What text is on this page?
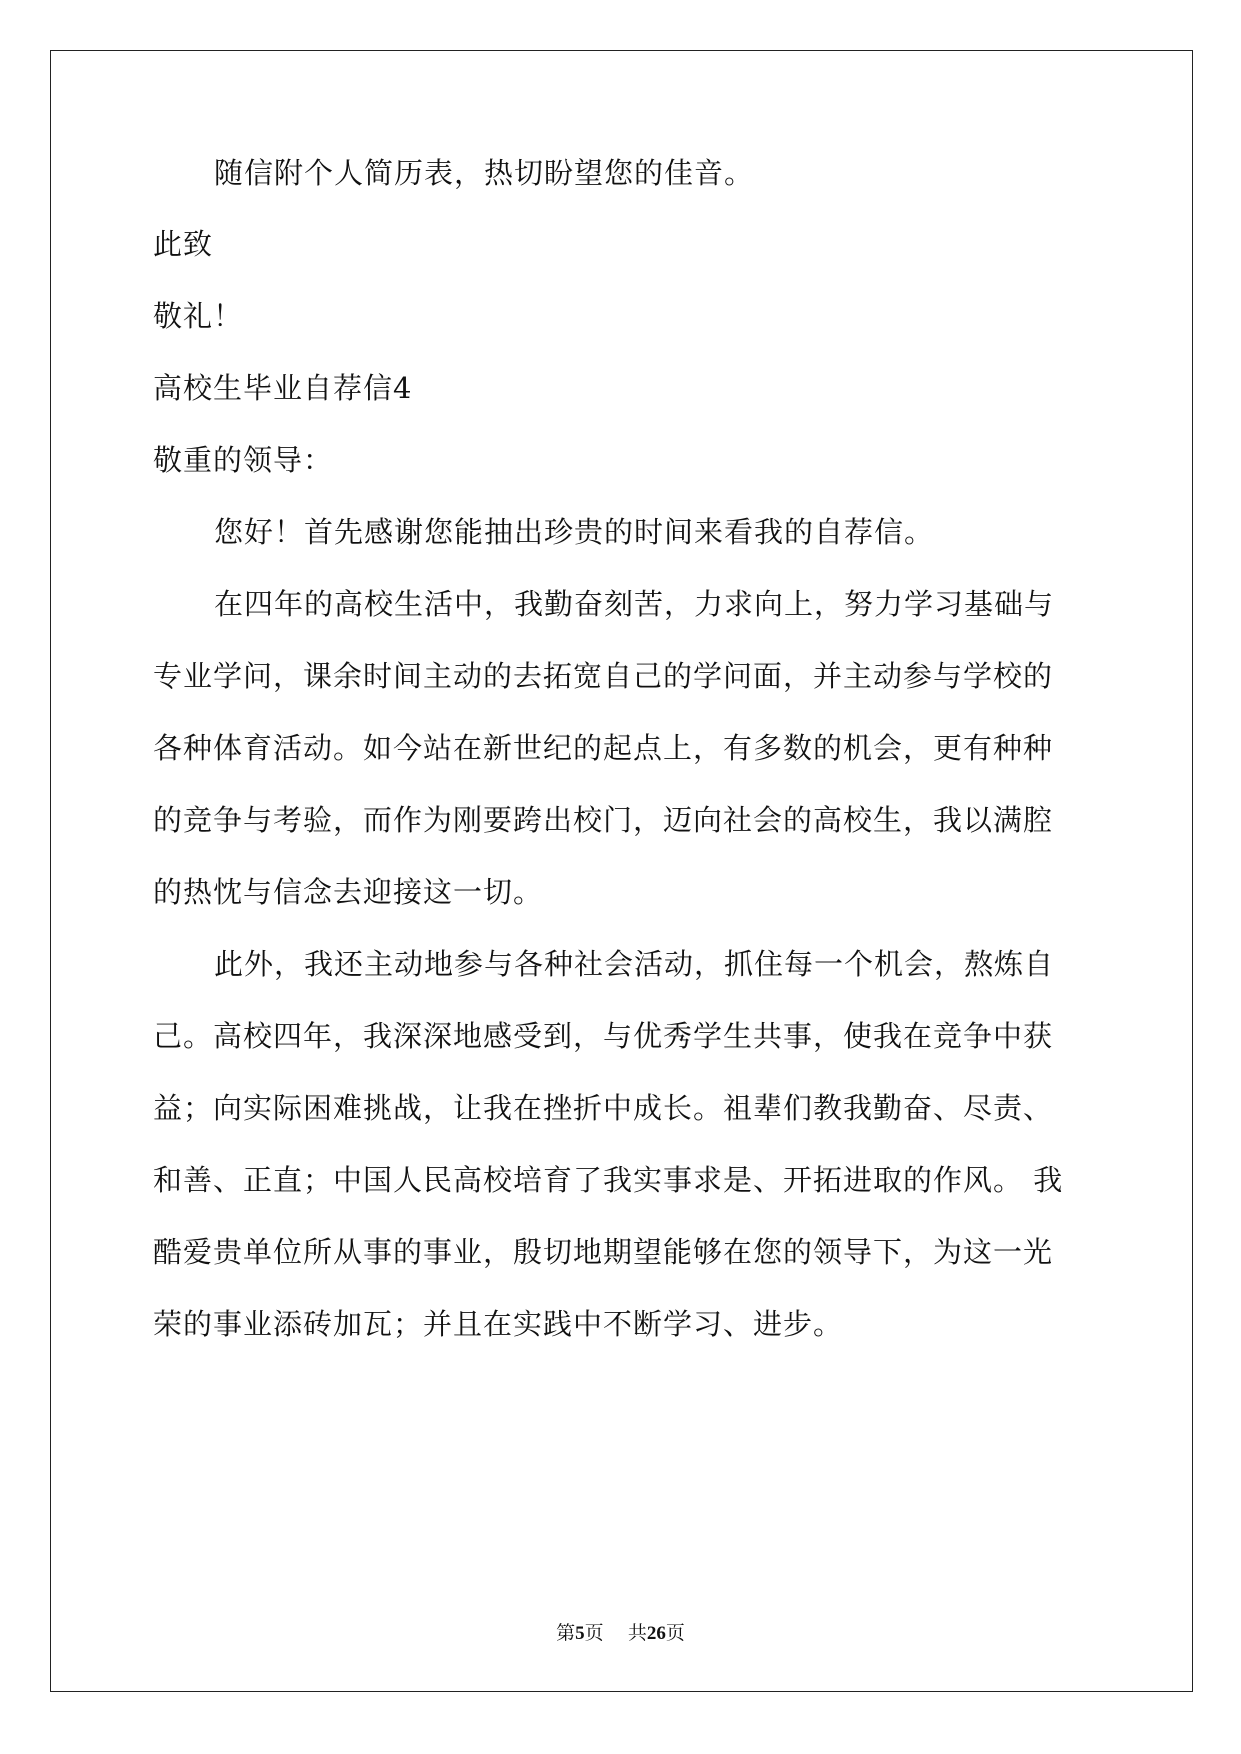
随信附个人简历表，热切盼望您的佳音。
此致
敬礼！
高校生毕业自荐信4
敬重的领导：
您好！首先感谢您能抽出珍贵的时间来看我的自荐信。
在四年的高校生活中，我勤奋刻苦，力求向上，努力学习基础与
专业学问，课余时间主动的去拓宽自己的学问面，并主动参与学校的
各种体育活动。如今站在新世纪的起点上，有多数的机会，更有种种
的竞争与考验，而作为刚要跨出校门，迈向社会的高校生，我以满腔
的热忱与信念去迎接这一切。
此外，我还主动地参与各种社会活动，抓住每一个机会，熬炼自
己。高校四年，我深深地感受到，与优秀学生共事，使我在竞争中获
益；向实际困难挑战，让我在挫折中成长。祖辈们教我勤奋、尽责、
和善、正直；中国人民高校培育了我实事求是、开拓进取的作风。 我
酷爱贵单位所从事的事业，殷切地期望能够在您的领导下，为这一光
荣的事业添砖加瓦；并且在实践中不断学习、进步。
第5页 共26页
